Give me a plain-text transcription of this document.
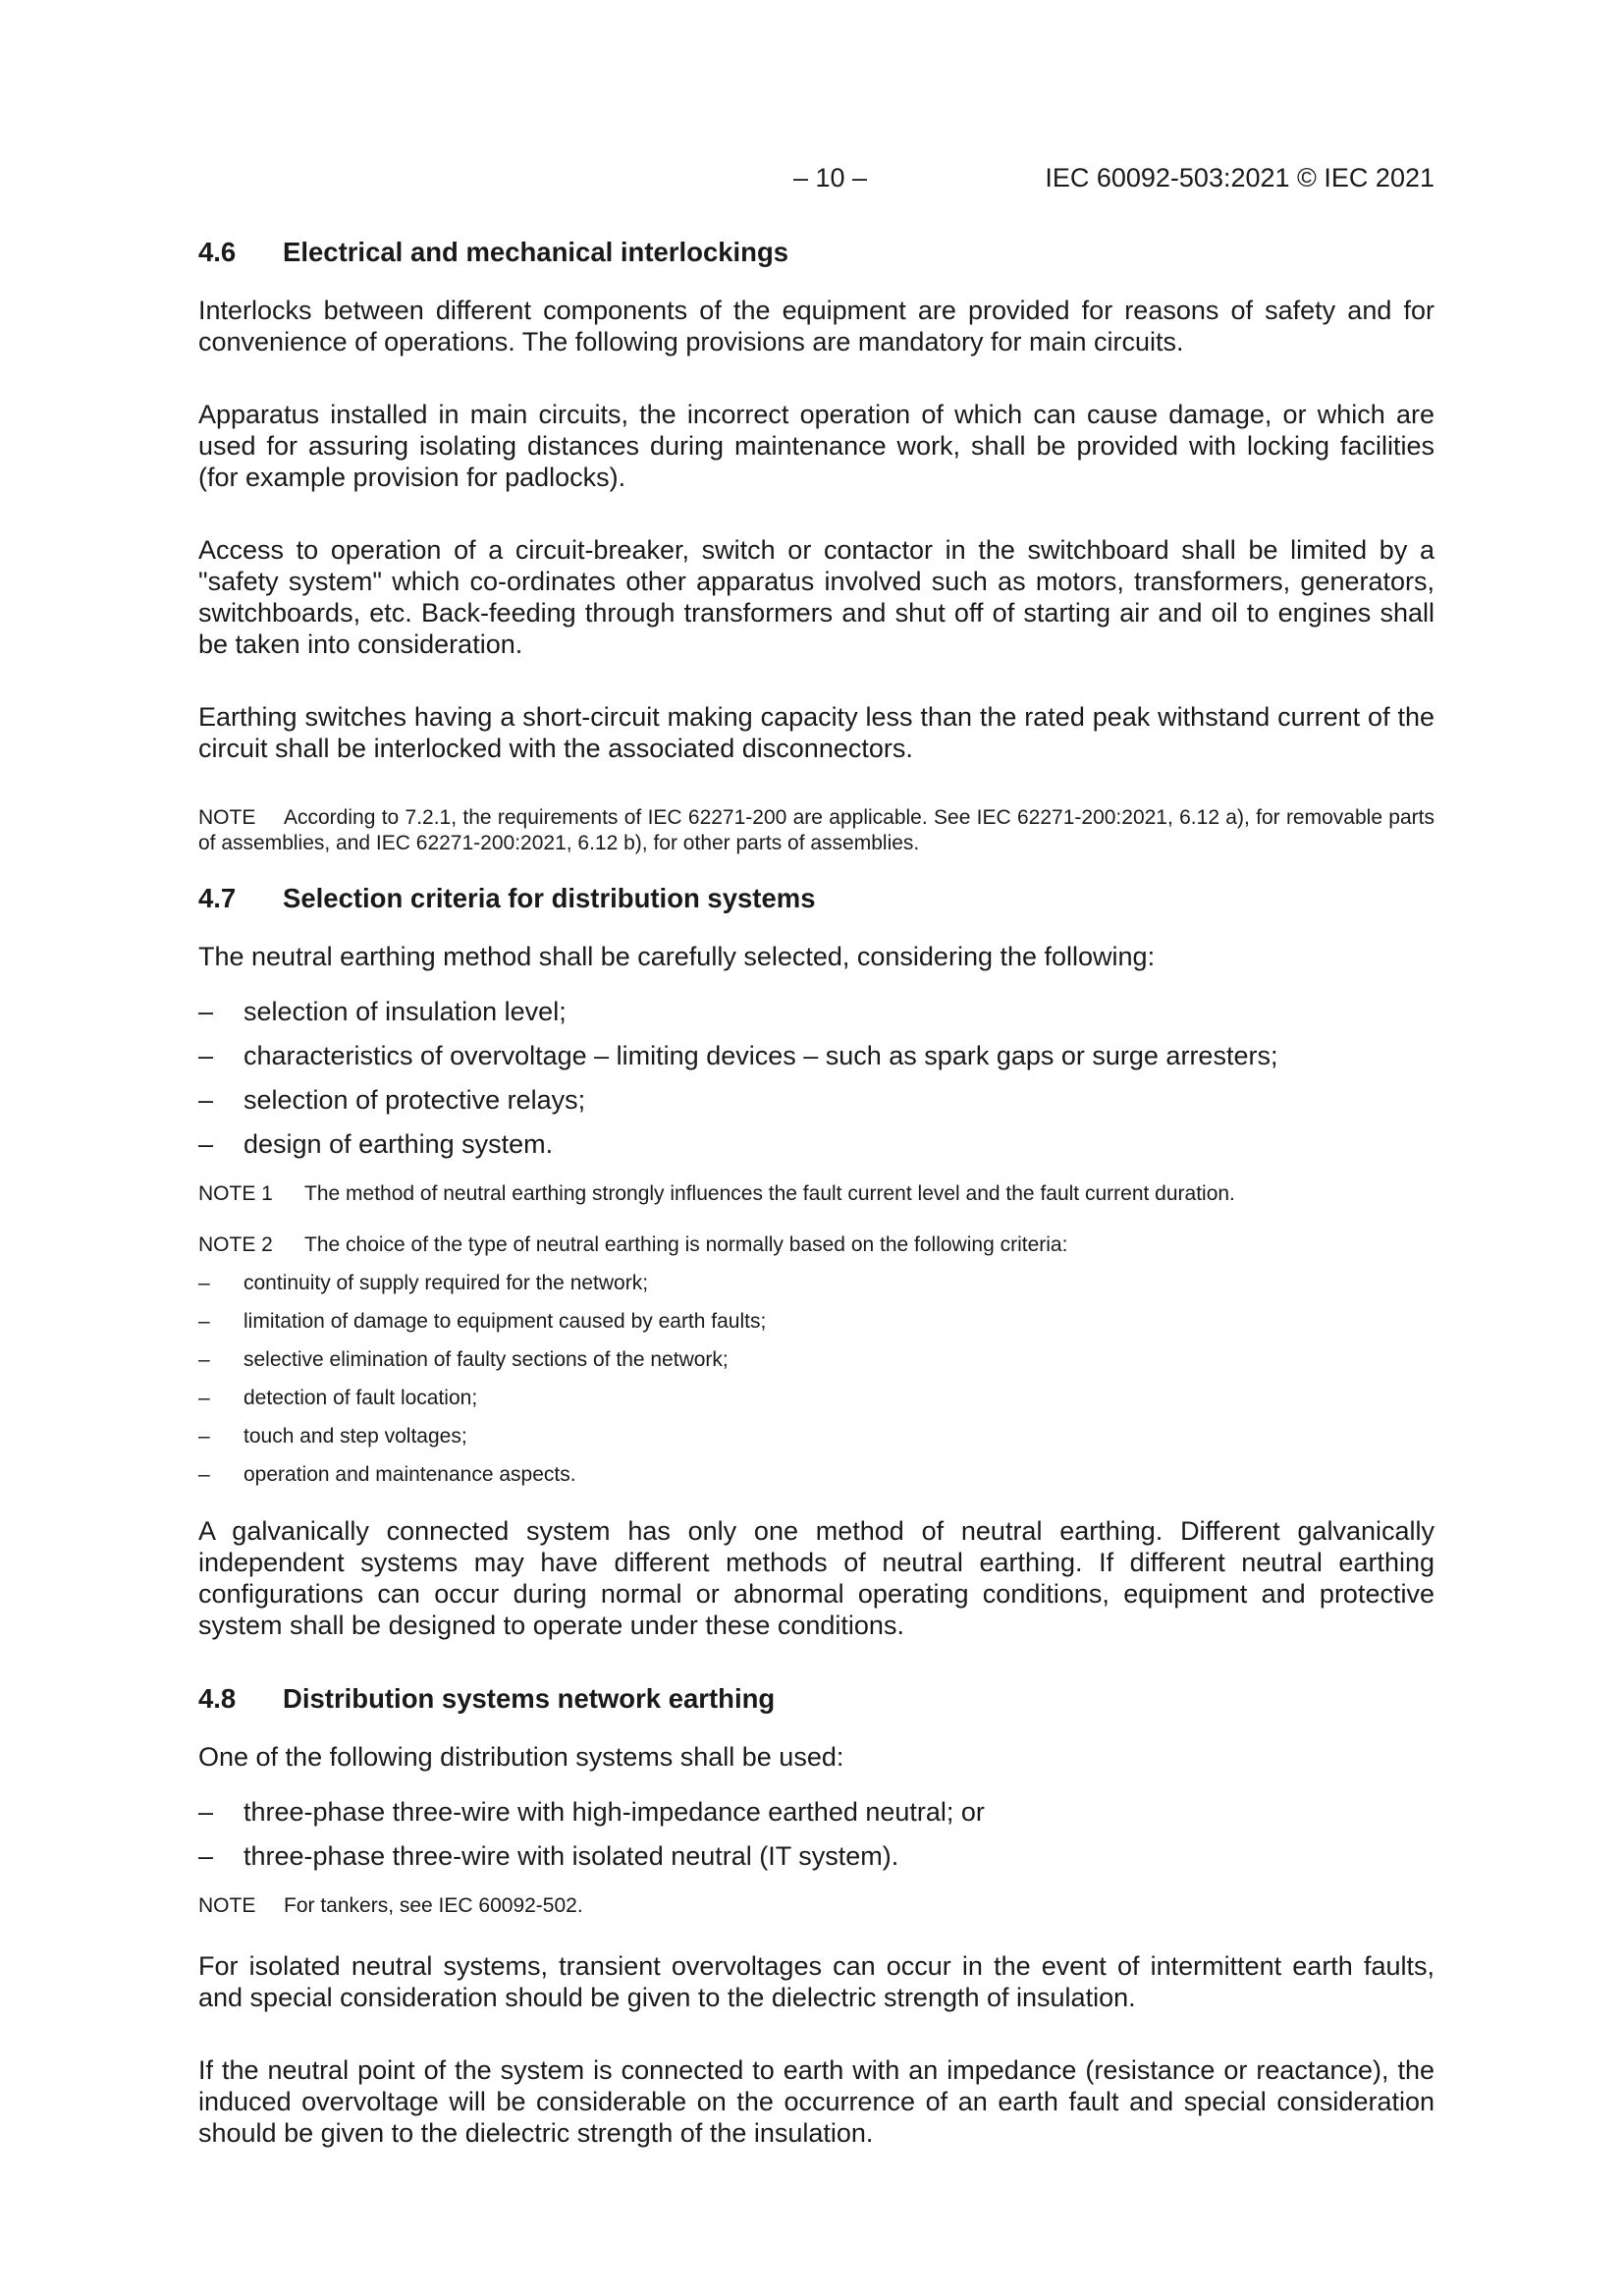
– 10 –	IEC 60092-503:2021 © IEC 2021
4.6	Electrical and mechanical interlockings

Interlocks between different components of the equipment are provided for reasons of safety and for convenience of operations. The following provisions are mandatory for main circuits.

Apparatus installed in main circuits, the incorrect operation of which can cause damage, or which are used for assuring isolating distances during maintenance work, shall be provided with locking facilities (for example provision for padlocks).

Access to operation of a circuit-breaker, switch or contactor in the switchboard shall be limited by a "safety system" which co-ordinates other apparatus involved such as motors, transformers, generators, switchboards, etc. Back-feeding through transformers and shut off of starting air and oil to engines shall be taken into consideration.

Earthing switches having a short-circuit making capacity less than the rated peak withstand current of the circuit shall be interlocked with the associated disconnectors.

NOTE According to 7.2.1, the requirements of IEC 62271-200 are applicable. See IEC 62271-200:2021, 6.12 a), for removable parts of assemblies, and IEC 62271-200:2021, 6.12 b), for other parts of assemblies.
4.7	Selection criteria for distribution systems

The neutral earthing method shall be carefully selected, considering the following:

–	selection of insulation level;
–	characteristics of overvoltage – limiting devices – such as spark gaps or surge arresters;
–	selection of protective relays;
–	design of earthing system.
NOTE 1 The method of neutral earthing strongly influences the fault current level and the fault current duration.
NOTE 2 The choice of the type of neutral earthing is normally based on the following criteria:
–	continuity of supply required for the network;
–	limitation of damage to equipment caused by earth faults;
–	selective elimination of faulty sections of the network;
–	detection of fault location;
–	touch and step voltages;
–	operation and maintenance aspects.

A galvanically connected system has only one method of neutral earthing. Different galvanically independent systems may have different methods of neutral earthing. If different neutral earthing configurations can occur during normal or abnormal operating conditions, equipment and protective system shall be designed to operate under these conditions.

4.8	Distribution systems network earthing

One of the following distribution systems shall be used:

–	three-phase three-wire with high-impedance earthed neutral; or
–	three-phase three-wire with isolated neutral (IT system).
NOTE For tankers, see IEC 60092-502.

For isolated neutral systems, transient overvoltages can occur in the event of intermittent earth faults, and special consideration should be given to the dielectric strength of insulation.

If the neutral point of the system is connected to earth with an impedance (resistance or reactance), the induced overvoltage will be considerable on the occurrence of an earth fault and special consideration should be given to the dielectric strength of the insulation.
